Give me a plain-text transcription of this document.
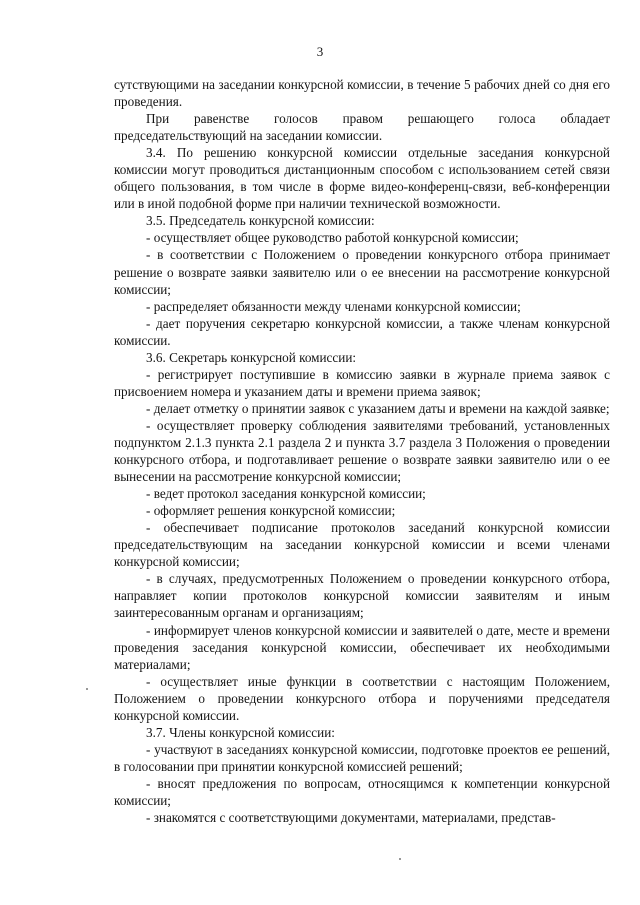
3

сутствующими на заседании конкурсной комиссии, в течение 5 рабочих дней со дня его проведения.

При равенстве голосов правом решающего голоса обладает председательствующий на заседании комиссии.

3.4. По решению конкурсной комиссии отдельные заседания конкурсной комиссии могут проводиться дистанционным способом с использованием сетей связи общего пользования, в том числе в форме видео-конференц-связи, веб-конференции или в иной подобной форме при наличии технической возможности.

3.5. Председатель конкурсной комиссии:

- осуществляет общее руководство работой конкурсной комиссии;

- в соответствии с Положением о проведении конкурсного отбора принимает решение о возврате заявки заявителю или о ее внесении на рассмотрение конкурсной комиссии;

- распределяет обязанности между членами конкурсной комиссии;

- дает поручения секретарю конкурсной комиссии, а также членам конкурсной комиссии.

3.6. Секретарь конкурсной комиссии:

- регистрирует поступившие в комиссию заявки в журнале приема заявок с присвоением номера и указанием даты и времени приема заявок;

- делает отметку о принятии заявок с указанием даты и времени на каждой заявке;

- осуществляет проверку соблюдения заявителями требований, установленных подпунктом 2.1.3 пункта 2.1 раздела 2 и пункта 3.7 раздела 3 Положения о проведении конкурсного отбора, и подготавливает решение о возврате заявки заявителю или о ее вынесении на рассмотрение конкурсной комиссии;

- ведет протокол заседания конкурсной комиссии;

- оформляет решения конкурсной комиссии;

- обеспечивает подписание протоколов заседаний конкурсной комиссии председательствующим на заседании конкурсной комиссии и всеми членами конкурсной комиссии;

- в случаях, предусмотренных Положением о проведении конкурсного отбора, направляет копии протоколов конкурсной комиссии заявителям и иным заинтересованным органам и организациям;

- информирует членов конкурсной комиссии и заявителей о дате, месте и времени проведения заседания конкурсной комиссии, обеспечивает их необходимыми материалами;

- осуществляет иные функции в соответствии с настоящим Положением, Положением о проведении конкурсного отбора и поручениями председателя конкурсной комиссии.

3.7. Члены конкурсной комиссии:

- участвуют в заседаниях конкурсной комиссии, подготовке проектов ее решений, в голосовании при принятии конкурсной комиссией решений;

- вносят предложения по вопросам, относящимся к компетенции конкурсной комиссии;

- знакомятся с соответствующими документами, материалами, представ-
